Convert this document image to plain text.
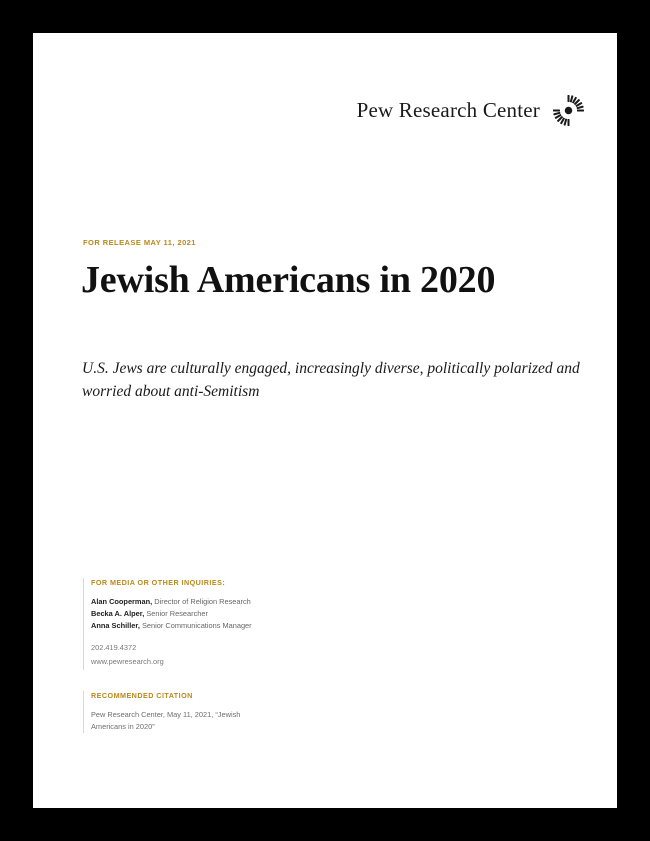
Pew Research Center
FOR RELEASE MAY 11, 2021
Jewish Americans in 2020
U.S. Jews are culturally engaged, increasingly diverse, politically polarized and worried about anti-Semitism
FOR MEDIA OR OTHER INQUIRIES:
Alan Cooperman, Director of Religion Research
Becka A. Alper, Senior Researcher
Anna Schiller, Senior Communications Manager
202.419.4372
www.pewresearch.org
RECOMMENDED CITATION
Pew Research Center, May 11, 2021, “Jewish Americans in 2020”
